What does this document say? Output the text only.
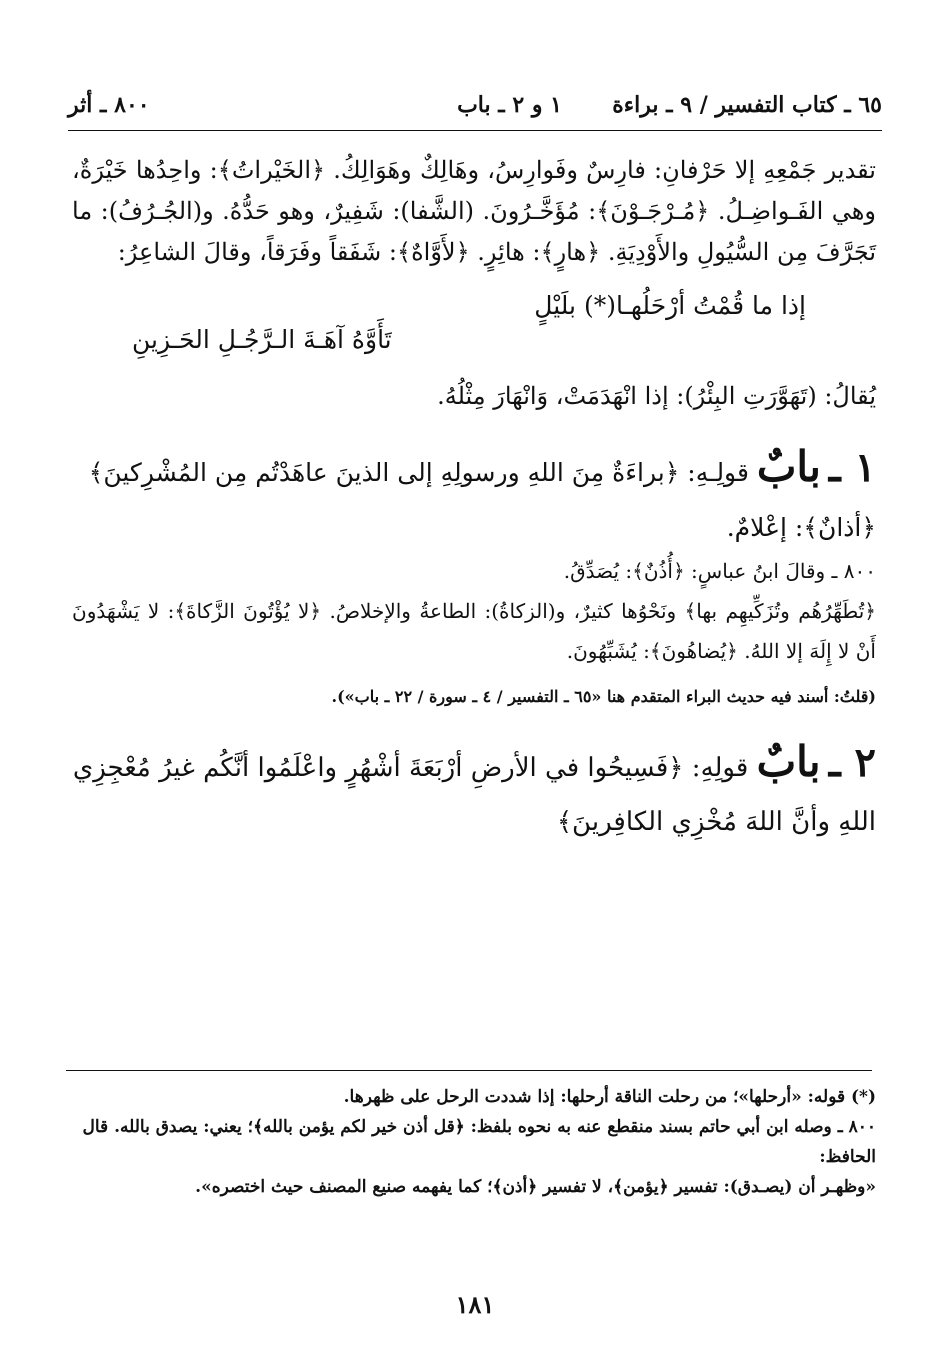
٦٥ ـ كتاب التفسير / ٩ ـ براءة
١ و ٢ ـ باب
٨٠٠ ـ أثر

تقدير جَمْعِهِ إلا حَرْفانِ: فارِسٌ وفَوارِسُ، وهَالِكٌ وهَوَالِكُ. ﴿الخَيْراتُ﴾: واحِدُها خَيْرَةٌ، وهي الفَـواضِـلُ. ﴿مُـرْجَـوْنَ﴾: مُؤَخَّـرُونَ. (الشَّفا): شَفِيرٌ، وهو حَدُّهُ. و(الجُـرُفُ): ما تَجَرَّفَ مِن السُّيُولِ والأَوْدِيَةِ. ﴿هارٍ﴾: هائِرٍ. ﴿لأَوَّاهٌ﴾: شَفَقاً وفَرَقاً، وقالَ الشاعِرُ:

إذا ما قُمْتُ أرْحَلُهـا(*) بلَيْلٍ
تَأَوَّهُ آهَـةَ الـرَّجُـلِ الحَـزِينِ

يُقالُ: (تَهَوَّرَتِ البِئْرُ): إذا انْهَدَمَتْ، وَانْهَارَ مِثْلُهُ.

١ ـ بابٌ قولِـهِ: ﴿براءَةٌ مِنَ اللهِ ورسولِهِ إلى الذينَ عاهَدْتُم مِن المُشْرِكينَ﴾

﴿أذانٌ﴾: إعْلامٌ.

٨٠٠ ـ وقالَ ابنُ عباسٍ: ﴿أُذُنٌ﴾: يُصَدِّقُ.

﴿تُطَهِّرُهُم وتُزَكِّيهِم بها﴾ ونَحْوُها كثيرٌ، و(الزكاةُ): الطاعةُ والإخلاصُ. ﴿لا يُؤْتُونَ الزَّكاةَ﴾: لا يَشْهَدُونَ أَنْ لا إِلَهَ إلا اللهُ. ﴿يُضاهُونَ﴾: يُشَبِّهُونَ.

(قلتُ: أسند فيه حديث البراء المتقدم هنا «٦٥ ـ التفسير / ٤ ـ سورة / ٢٢ ـ باب»).

٢ ـ بابٌ قولِهِ: ﴿فَسِيحُوا في الأرضِ أرْبَعَةَ أشْهُرٍ واعْلَمُوا أنَّكُم غيرُ مُعْجِزِي اللهِ وأنَّ اللهَ مُخْزِي الكافِرينَ﴾

(*) قوله: «أرحلها»؛ من رحلت الناقة أرحلها: إذا شددت الرحل على ظهرها.

٨٠٠ ـ وصله ابن أبي حاتم بسند منقطع عنه به نحوه بلفظ: ﴿قل أذن خير لكم يؤمن بالله﴾؛ يعني: يصدق بالله. قال الحافظ:

«وظهـر أن (يصـدق): تفسير ﴿يؤمن﴾، لا تفسير ﴿أذن﴾؛ كما يفهمه صنيع المصنف حيث اختصره».

١٨١
